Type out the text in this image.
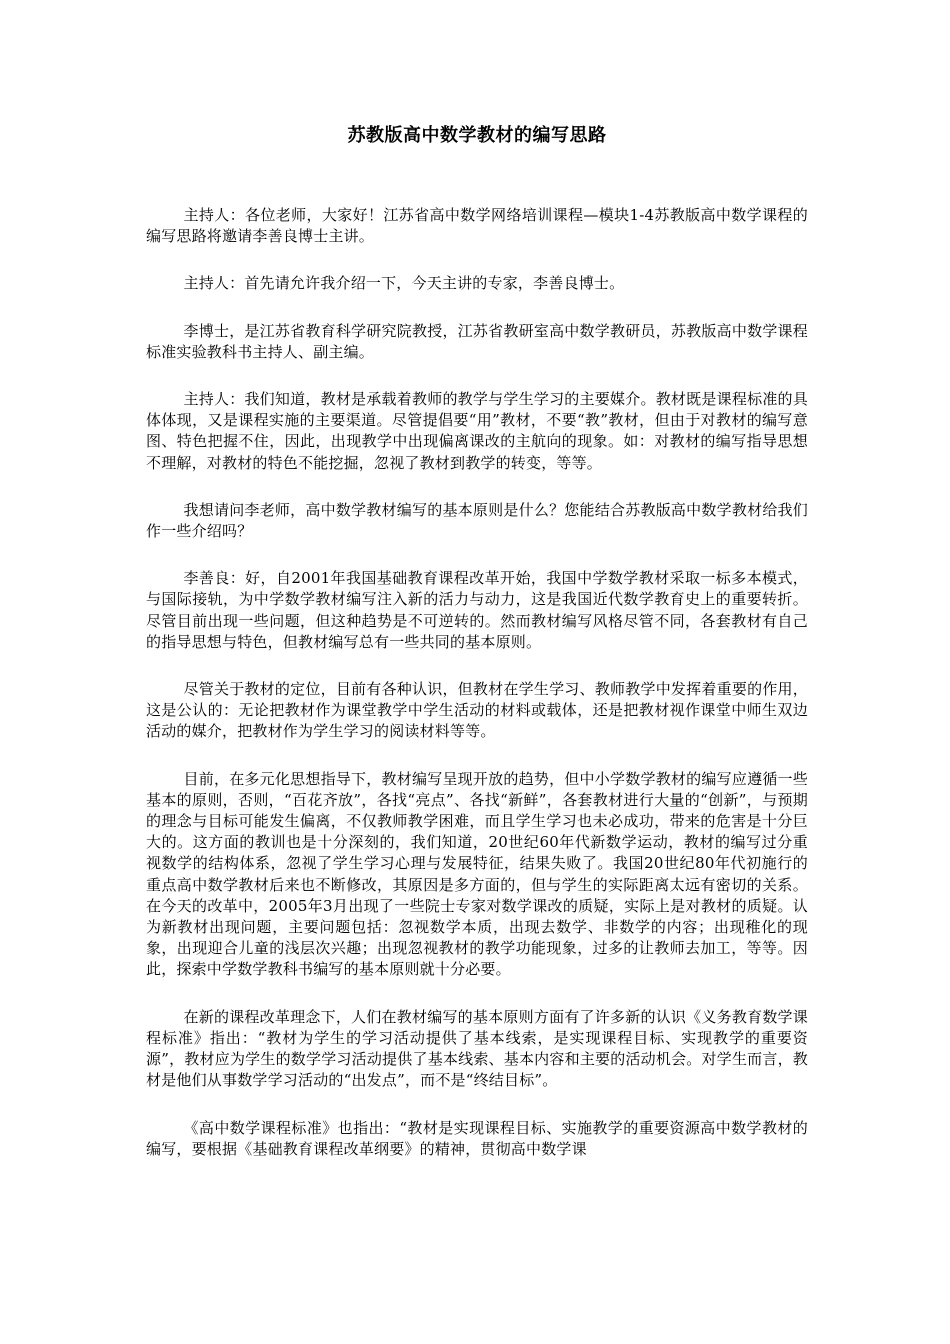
苏教版高中数学教材的编写思路

主持人：各位老师，大家好！江苏省高中数学网络培训课程—模块1-4苏教版高中数学课程的编写思路将邀请李善良博士主讲。

主持人：首先请允许我介绍一下，今天主讲的专家，李善良博士。

李博士，是江苏省教育科学研究院教授，江苏省教研室高中数学教研员，苏教版高中数学课程标准实验教科书主持人、副主编。

主持人：我们知道，教材是承载着教师的教学与学生学习的主要媒介。教材既是课程标准的具体体现，又是课程实施的主要渠道。尽管提倡要“用”教材，不要“教”教材，但由于对教材的编写意图、特色把握不住，因此，出现教学中出现偏离课改的主航向的现象。如：对教材的编写指导思想不理解，对教材的特色不能挖掘，忽视了教材到教学的转变，等等。

我想请问李老师，高中数学教材编写的基本原则是什么？您能结合苏教版高中数学教材给我们作一些介绍吗？

李善良：好，自2001年我国基础教育课程改革开始，我国中学数学教材采取一标多本模式，与国际接轨，为中学数学教材编写注入新的活力与动力，这是我国近代数学教育史上的重要转折。尽管目前出现一些问题，但这种趋势是不可逆转的。然而教材编写风格尽管不同，各套教材有自己的指导思想与特色，但教材编写总有一些共同的基本原则。

尽管关于教材的定位，目前有各种认识，但教材在学生学习、教师教学中发挥着重要的作用，这是公认的：无论把教材作为课堂教学中学生活动的材料或载体，还是把教材视作课堂中师生双边活动的媒介，把教材作为学生学习的阅读材料等等。

目前，在多元化思想指导下，教材编写呈现开放的趋势，但中小学数学教材的编写应遵循一些基本的原则，否则，“百花齐放”，各找“亮点”、各找“新鲜”，各套教材进行大量的“创新”，与预期的理念与目标可能发生偏离，不仅教师教学困难，而且学生学习也未必成功，带来的危害是十分巨大的。这方面的教训也是十分深刻的，我们知道，20世纪60年代新数学运动，教材的编写过分重视数学的结构体系，忽视了学生学习心理与发展特征，结果失败了。我国20世纪80年代初施行的重点高中数学教材后来也不断修改，其原因是多方面的，但与学生的实际距离太远有密切的关系。在今天的改革中，2005年3月出现了一些院士专家对数学课改的质疑，实际上是对教材的质疑。认为新教材出现问题，主要问题包括：忽视数学本质，出现去数学、非数学的内容；出现稚化的现象，出现迎合儿童的浅层次兴趣；出现忽视教材的教学功能现象，过多的让教师去加工，等等。因此，探索中学数学教科书编写的基本原则就十分必要。

在新的课程改革理念下，人们在教材编写的基本原则方面有了许多新的认识《义务教育数学课程标准》指出：“教材为学生的学习活动提供了基本线索，是实现课程目标、实现教学的重要资源”，教材应为学生的数学学习活动提供了基本线索、基本内容和主要的活动机会。对学生而言，教材是他们从事数学学习活动的“出发点”，而不是“终结目标”。

《高中数学课程标准》也指出：“教材是实现课程目标、实施教学的重要资源高中数学教材的编写，要根据《基础教育课程改革纲要》的精神，贯彻高中数学课
